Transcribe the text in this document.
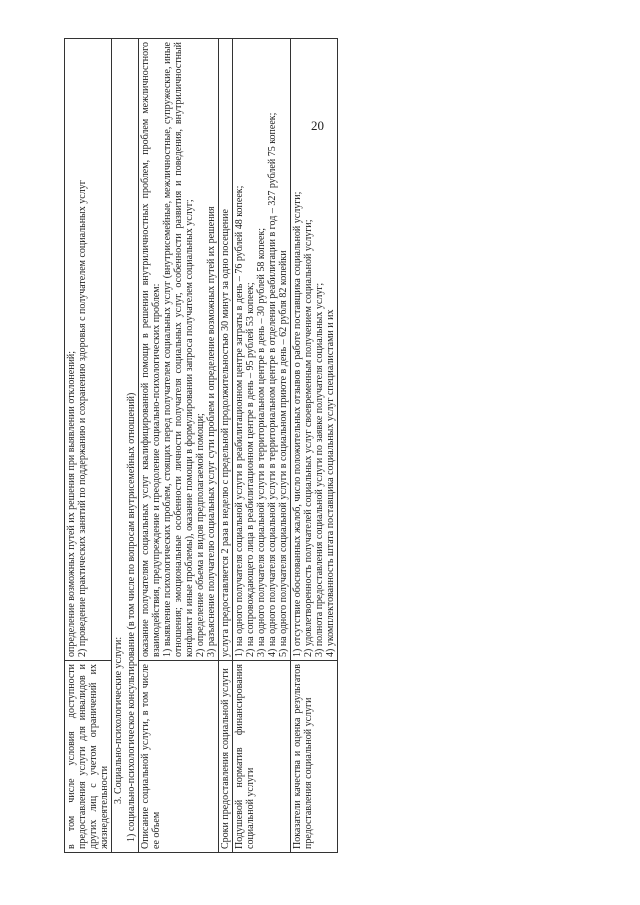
20
в том числе условия доступности предоставления услуги для инвалидов и других лиц с учетом ограничений их жизнедеятельности	определение возможных путей их решения при выявлении отклонений; 2) проведение практических занятий по поддержанию и сохранению здоровья с получателем социальных услуг

3. Социально-психологические услуги:	
1) социально-психологическое консультирование (в том числе по вопросам внутрисемейных отношений)	
Описание социальной услуги, в том числе ее объем	оказание получателям социальных услуг квалифицированной помощи в решении внутриличностных проблем, проблем межличностного взаимодействия, предупреждение и преодоление социально-психологических проблем: 1) выявление психологических проблем, стоящих перед получателем социальных услуг (внутрисемейные, межличностные, супружеские, иные отношения; эмоциональные особенности личности получателя социальных услуг, особенности развития и поведения, внутриличностный конфликт и иные проблемы), оказание помощи в формулировании запроса получателем социальных услуг; 2) определение объема и видов предполагаемой помощи; 3) разъяснение получателю социальных услуг сути проблем и определение возможных путей их решения

Сроки предоставления социальной услуги	услуга предоставляется 2 раза в неделю с предельной продолжительностью 30 минут за одно посещение

Подушевой норматив финансирования социальной услуги	1) на одного получателя социальной услуги в реабилитационном центре затраты в день – 76 рублей 48 копеек; 2) на сопровождающего лица в реабилитационном центре в день – 95 рублей 53 копеек; 3) на одного получателя социальной услуги в территориальном центре в день – 30 рублей 58 копеек; 4) на одного получателя социальной услуги в территориальном центре в отделении реабилитации в год – 327 рублей 75 копеек; 5) на одного получателя социальной услуги в социальном приюте в день – 62 рубля 82 копейки

Показатели качества и оценка результатов предоставления социальной услуги	1) отсутствие обоснованных жалоб, число положительных отзывов о работе поставщика социальной услуги; 2) удовлетворенность получателей социальных услуг своевременным получением социальной услуги; 3) полнота предоставления социальной услуги по заявке получателя социальных услуг; 4) укомплектованность штата поставщика социальных услуг специалистами и их
